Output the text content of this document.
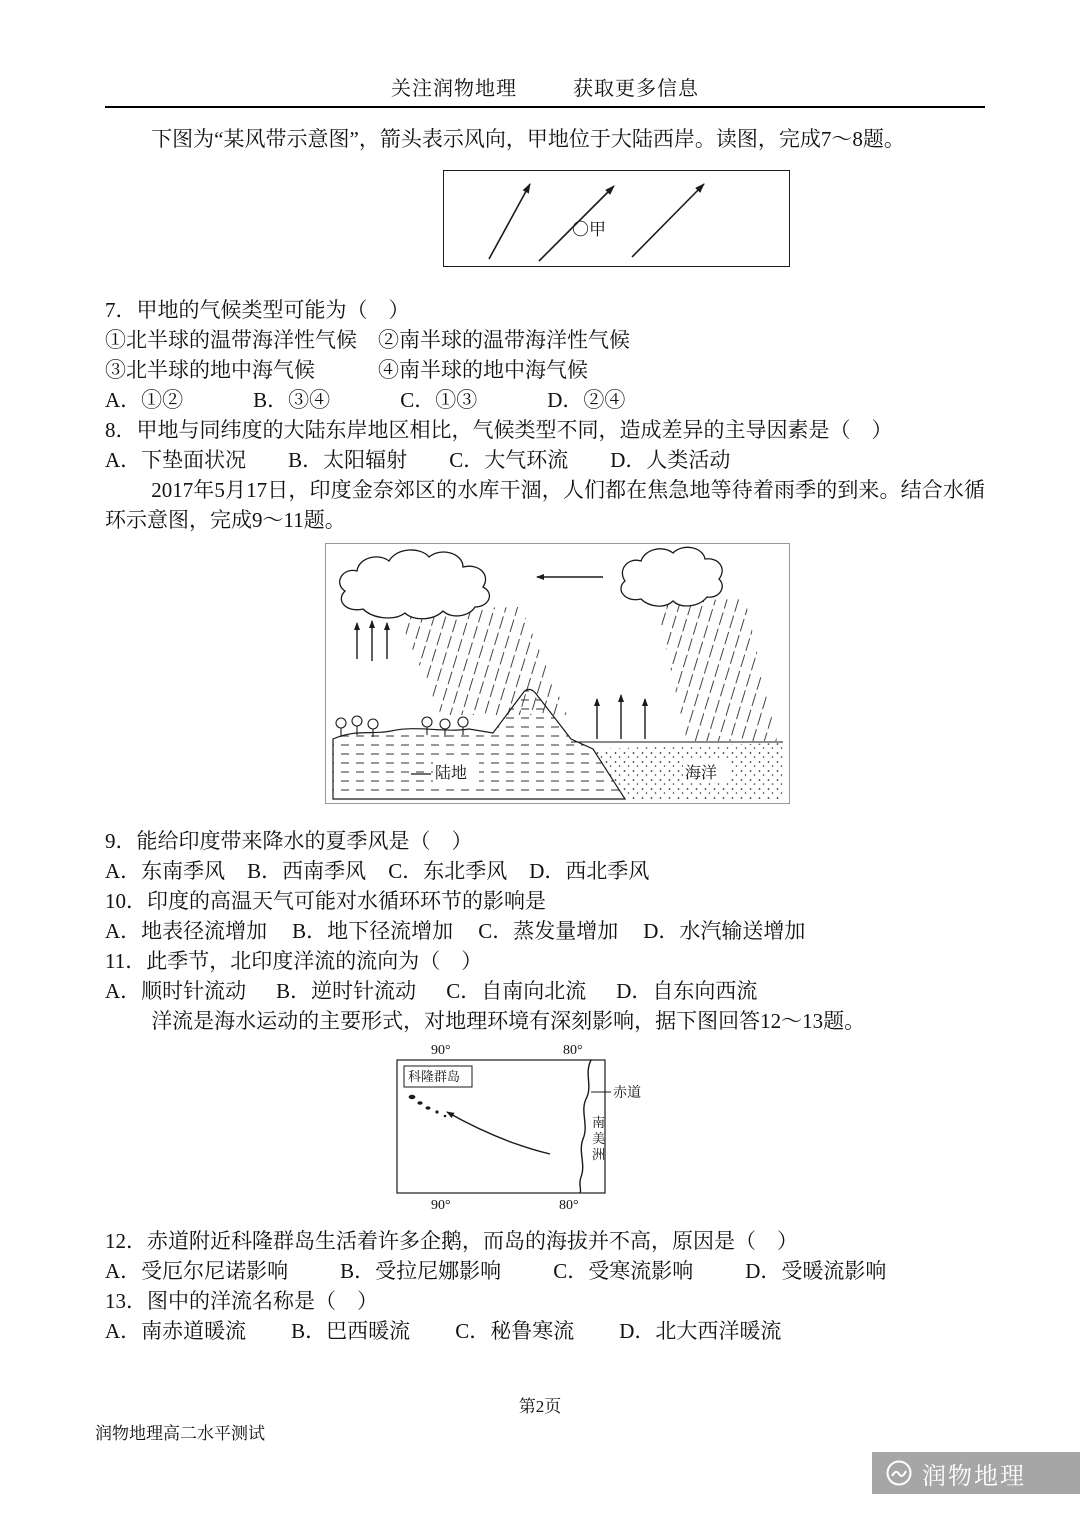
关注润物地理	获取更多信息

下图为“某风带示意图”，箭头表示风向，甲地位于大陆西岸。读图，完成7～8题。

〇甲

7．甲地的气候类型可能为（　）

①北半球的温带海洋性气候　②南半球的温带海洋性气候

③北半球的地中海气候　　　④南半球的地中海气候

A．①②	B．③④	C．①③	D．②④

8．甲地与同纬度的大陆东岸地区相比，气候类型不同，造成差异的主导因素是（　）

A．下垫面状况 B．太阳辐射 C．大气环流 D．人类活动

2017年5月17日，印度金奈郊区的水库干涸，人们都在焦急地等待着雨季的到来。结合水循环示意图，完成9～11题。

陆地	海洋

9．能给印度带来降水的夏季风是（　）

A．东南季风 B．西南季风 C．东北季风 D．西北季风

10．印度的高温天气可能对水循环环节的影响是

A．地表径流增加 B．地下径流增加 C．蒸发量增加 D．水汽输送增加

11．此季节，北印度洋流的流向为（　）

A．顺时针流动 B．逆时针流动 C．自南向北流 D．自东向西流

洋流是海水运动的主要形式，对地理环境有深刻影响，据下图回答12～13题。

90°	80°
科隆群岛
赤道
南
美
洲
90°	80°

12．赤道附近科隆群岛生活着许多企鹅，而岛的海拔并不高，原因是（　）

A．受厄尔尼诺影响 B．受拉尼娜影响 C．受寒流影响 D．受暖流影响

13．图中的洋流名称是（　）

A．南赤道暖流 B．巴西暖流 C．秘鲁寒流 D．北大西洋暖流

第2页
润物地理高二水平测试
润物地理
